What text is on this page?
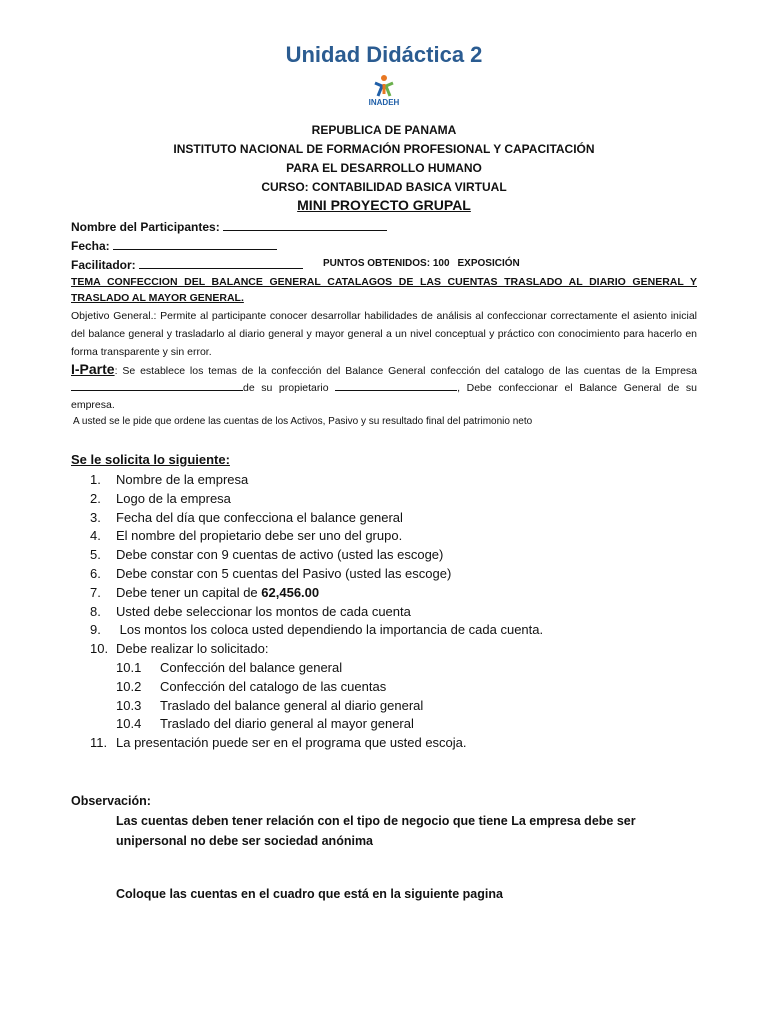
Unidad Didáctica 2
INADEH
REPUBLICA DE PANAMA
INSTITUTO NACIONAL DE FORMACIÓN PROFESIONAL Y CAPACITACIÓN
PARA EL DESARROLLO HUMANO
CURSO: CONTABILIDAD BASICA VIRTUAL
MINI PROYECTO GRUPAL
Nombre del Participantes:
Fecha:
Facilitador:	PUNTOS OBTENIDOS: 100 EXPOSICIÓN
TEMA CONFECCION DEL BALANCE GENERAL CATALAGOS DE LAS CUENTAS TRASLADO AL DIARIO GENERAL Y TRASLADO AL MAYOR GENERAL.
Objetivo General.: Permite al participante conocer desarrollar habilidades de análisis al confeccionar correctamente el asiento inicial del balance general y trasladarlo al diario general y mayor general a un nivel conceptual y práctico con conocimiento para hacerlo en forma transparente y sin error.
I-Parte: Se establece los temas de la confección del Balance General confección del catalogo de las cuentas de la Empresade su propietario	, Debe confeccionar el Balance General de su empresa.
A usted se le pide que ordene las cuentas de los Activos, Pasivo y su resultado final del patrimonio neto
Se le solicita lo siguiente:
1. Nombre de la empresa
2. Logo de la empresa
3. Fecha del día que confecciona el balance general
4. El nombre del propietario debe ser uno del grupo.
5. Debe constar con 9 cuentas de activo (usted las escoge)
6. Debe constar con 5 cuentas del Pasivo (usted las escoge)
7. Debe tener un capital de 62,456.00
8. Usted debe seleccionar los montos de cada cuenta
9. Los montos los coloca usted dependiendo la importancia de cada cuenta.
10. Debe realizar lo solicitado:
10.1 Confección del balance general
10.2 Confección del catalogo de las cuentas
10.3 Traslado del balance general al diario general
10.4 Traslado del diario general al mayor general
11. La presentación puede ser en el programa que usted escoja.
Observación:
Las cuentas deben tener relación con el tipo de negocio que tiene La empresa debe ser unipersonal no debe ser sociedad anónima
Coloque las cuentas en el cuadro que está en la siguiente pagina
